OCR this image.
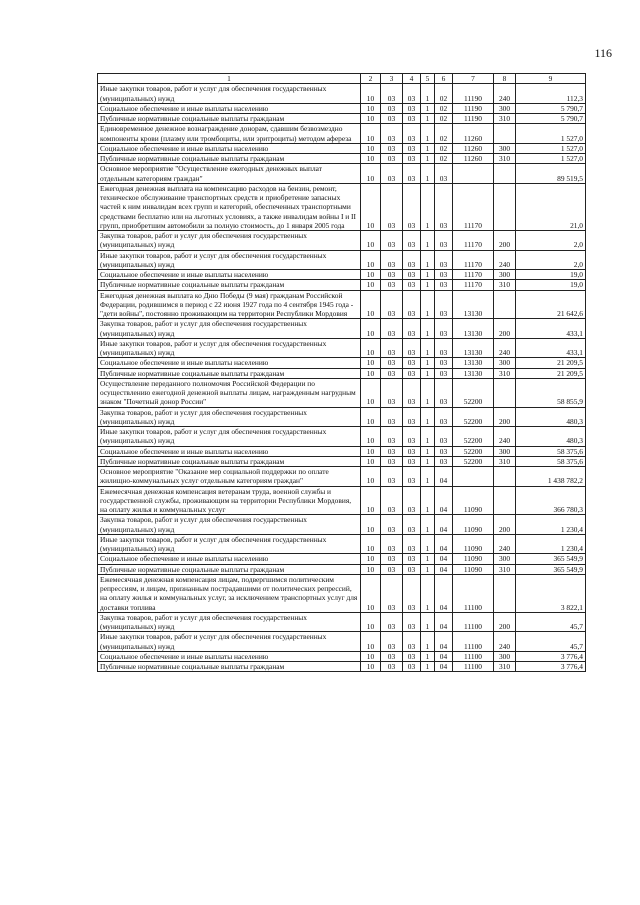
116
1	2	3	4	5	6	7	8	9
Иные закупки товаров, работ и услуг для обеспечения государственных (муниципальных) нужд	10	03	03	1	02	11190	240	112,3
Социальное обеспечение и иные выплаты населению	10	03	03	1	02	11190	300	5 790,7
Публичные нормативные социальные выплаты гражданам	10	03	03	1	02	11190	310	5 790,7
Единовременное денежное вознаграждение донорам, сдавшим безвозмездно компоненты крови (плазму или тромбоциты, или эритроциты) методом афереза	10	03	03	1	02	11260		1 527,0
Социальное обеспечение и иные выплаты населению	10	03	03	1	02	11260	300	1 527,0
Публичные нормативные социальные выплаты гражданам	10	03	03	1	02	11260	310	1 527,0
Основное мероприятие "Осуществление ежегодных денежных выплат отдельным категориям граждан"	10	03	03	1	03			89 519,5
Ежегодная денежная выплата на компенсацию расходов на бензин, ремонт, техническое обслуживание транспортных средств и приобретение запасных частей к ним инвалидам всех групп и категорий, обеспеченных транспортными средствами бесплатно или на льготных условиях, а также инвалидам войны I и II групп, приобретшим автомобили за полную стоимость, до 1 января 2005 года	10	03	03	1	03	11170		21,0
Закупка товаров, работ и услуг для обеспечения государственных (муниципальных) нужд	10	03	03	1	03	11170	200	2,0
Иные закупки товаров, работ и услуг для обеспечения государственных (муниципальных) нужд	10	03	03	1	03	11170	240	2,0
Социальное обеспечение и иные выплаты населению	10	03	03	1	03	11170	300	19,0
Публичные нормативные социальные выплаты гражданам	10	03	03	1	03	11170	310	19,0
Ежегодная денежная выплата ко Дню Победы (9 мая) гражданам Российской Федерации, родившимся в период с 22 июня 1927 года по 4 сентября 1945 года - "дети войны", постоянно проживающим на территории Республики Мордовия	10	03	03	1	03	13130		21 642,6
Закупка товаров, работ и услуг для обеспечения государственных (муниципальных) нужд	10	03	03	1	03	13130	200	433,1
Иные закупки товаров, работ и услуг для обеспечения государственных (муниципальных) нужд	10	03	03	1	03	13130	240	433,1
Социальное обеспечение и иные выплаты населению	10	03	03	1	03	13130	300	21 209,5
Публичные нормативные социальные выплаты гражданам	10	03	03	1	03	13130	310	21 209,5
Осуществление переданного полномочия Российской Федерации по осуществлению ежегодной денежной выплаты лицам, награжденным нагрудным знаком "Почетный донор России"	10	03	03	1	03	52200		58 855,9
Закупка товаров, работ и услуг для обеспечения государственных (муниципальных) нужд	10	03	03	1	03	52200	200	480,3
Иные закупки товаров, работ и услуг для обеспечения государственных (муниципальных) нужд	10	03	03	1	03	52200	240	480,3
Социальное обеспечение и иные выплаты населению	10	03	03	1	03	52200	300	58 375,6
Публичные нормативные социальные выплаты гражданам	10	03	03	1	03	52200	310	58 375,6
Основное мероприятие "Оказание мер социальной поддержки по оплате жилищно-коммунальных услуг отдельным категориям граждан"	10	03	03	1	04			1 438 782,2
Ежемесячная денежная компенсация ветеранам труда, военной службы и государственной службы, проживающим на территории Республики Мордовия, на оплату жилья и коммунальных услуг	10	03	03	1	04	11090		366 780,3
Закупка товаров, работ и услуг для обеспечения государственных (муниципальных) нужд	10	03	03	1	04	11090	200	1 230,4
Иные закупки товаров, работ и услуг для обеспечения государственных (муниципальных) нужд	10	03	03	1	04	11090	240	1 230,4
Социальное обеспечение и иные выплаты населению	10	03	03	1	04	11090	300	365 549,9
Публичные нормативные социальные выплаты гражданам	10	03	03	1	04	11090	310	365 549,9
Ежемесячная денежная компенсация лицам, подвергшимся политическим репрессиям, и лицам, признанным пострадавшими от политических репрессий, на оплату жилья и коммунальных услуг, за исключением транспортных услуг для доставки топлива	10	03	03	1	04	11100		3 822,1
Закупка товаров, работ и услуг для обеспечения государственных (муниципальных) нужд	10	03	03	1	04	11100	200	45,7
Иные закупки товаров, работ и услуг для обеспечения государственных (муниципальных) нужд	10	03	03	1	04	11100	240	45,7
Социальное обеспечение и иные выплаты населению	10	03	03	1	04	11100	300	3 776,4
Публичные нормативные социальные выплаты гражданам	10	03	03	1	04	11100	310	3 776,4
